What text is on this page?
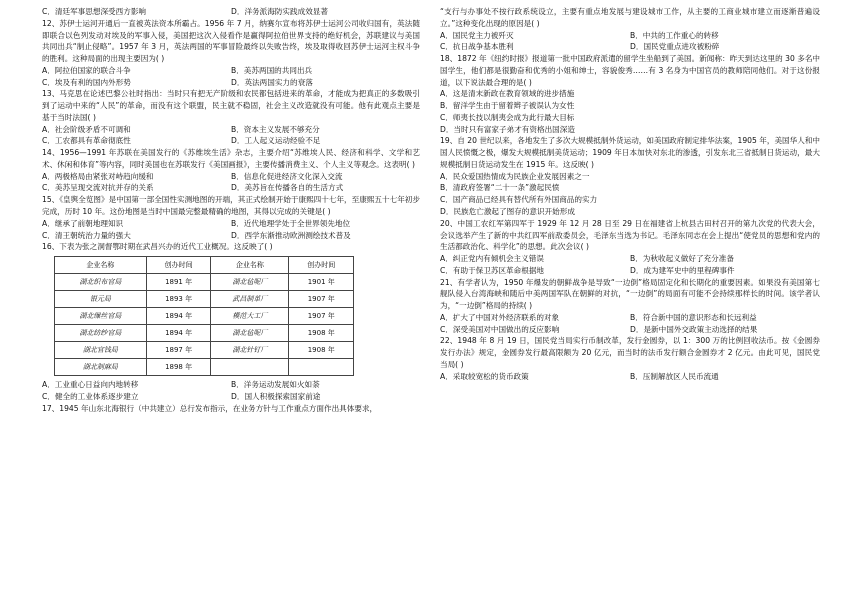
C．清廷军事思想深受西方影响	D．洋务派海防实践成效显著

12、苏伊士运河开通后一直被英法资本所霸占。1956 年 7 月，纳赛尔宣布将苏伊士运河公司收归国有，英法随即联合以色列发动对埃及的军事入侵，美国把这次入侵看作是赢得阿拉伯世界支持的绝好机会，苏联建议与美国共同出兵“制止侵略”。1957 年 3 月，英法两国的军事冒险最终以失败告终，埃及取得收回苏伊士运河主权斗争的胜利。这种局面的出现主要因为( )

A．阿拉伯国家的联合斗争	B．美苏两国的共同出兵
C．埃及有利的国内外形势	D．英法两国实力的衰落

13、马克思在论述巴黎公社时指出：当时只有把无产阶级和农民都包括进来的革命，才能成为把真正的多数吸引到了运动中来的“人民”的革命，而没有这个联盟，民主就不稳固，社会主义改造就没有可能。他有此观点主要是基于当时法国( )

A．社会阶级矛盾不可调和	B．资本主义发展不够充分
C．工农都具有革命彻底性	D．工人起义运动经验不足

14、1956—1991 年苏联在美国发行的《苏维埃生活》杂志，主要介绍“苏维埃人民、经济和科学、文学和艺术、休闲和体育”等内容，同时美国也在苏联发行《美国画报》，主要传播消费主义、个人主义等观念。这表明( )

A．两极格局由紧张对峙趋向缓和	B．信息化促进经济文化深入交流
C．美苏呈现交流对抗并存的关系	D．美苏旨在传播各自的生活方式

15、《皇舆全览图》是中国第一部全国性实测地图的开端，其正式绘制开始于康熙四十七年，至康熙五十七年初步完成，历时 10 年。这份地图是当时中国最完整最精确的地图，其得以完成的关键是( )

A．继承了前朝地理知识	B．近代地理学处于全世界领先地位
C．清王朝统治力量的强大	D．西学东渐推动欧洲测绘技术普及

16、下表为张之洞督鄂时期在武昌兴办的近代工业概况。这反映了( )

企业名称	创办时间	企业名称	创办时间
湖北织布官局	1891 年	湖北毡呢厂	1901 年
银元局	1893 年	武昌制革厂	1907 年
湖北缫丝官局	1894 年	模范大工厂	1907 年
湖北纺纱官局	1894 年	湖北毡呢厂	1908 年
湖北官钱局	1897 年	湖北针钉厂	1908 年
湖北制麻局	1898 年		
A．工业重心日益向内地转移	B．洋务运动发展如火如荼
C．健全的工业体系逐步建立	D．国人积极探索国家前途

17、1945 年山东北海银行（中共建立）总行发布指示，在业务方针与工作重点方面作出具体要求，

“支行与办事处不按行政系统设立，主要有重点地发展与建设城市工作，从主要的工商业城市建立而逐渐普遍设立。”这种变化出现的原因是( )

A．国民党主力被歼灭	B．中共的工作重心的转移
C．抗日战争基本胜利	D．国民党重点进攻被粉碎

18、1872 年《纽约时报》报道第一批中国政府派遣的留学生坐船到了美国。新闻称：昨天到达这里的 30 多名中国学生，他们都是很勤奋和优秀的小姐和绅士，容貌俊秀……有 3 名身为中国官员的教师陪同他们。对于这份报道，以下说法最合理的是( )

A．这是清末新政在教育领域的进步措施

B．留洋学生由于留着辫子被误认为女性

C．师夷长技以制夷会成为此行最大目标

D．当时只有富家子弟才有资格出国深造

19、自 20 世纪以来，各地发生了多次大规模抵制外货运动，如美国政府制定排华法案，1905 年，美国华人和中国人民愤慨之极，爆发大规模抵制美货运动；1909 年日本加快对东北的渗透，引发东北三省抵制日货运动，最大规模抵制日货运动发生在 1915 年。这反映( )

A．民众爱国热情成为民族企业发展因素之一

B．清政府签署“二十一条”激起民愤

C．国产商品已经具有替代所有外国商品的实力

D．民族危亡激起了图存的意识开始形成

20、中国工农红军第四军于 1929 年 12 月 28 日至 29 日在福建省上杭县古田村召开的第九次党的代表大会，会议选举产生了新的中共红四军前敌委员会，毛泽东当选为书记。毛泽东同志在会上提出“使党员的思想和党内的生活都政治化、科学化”的思想。此次会议( )

A．纠正党内有倾机会主义错误	B．为秋收起义做好了充分准备
C．有助于保卫苏区革命根据地	D．成为建军史中的里程碑事件

21、有学者认为，1950 年爆发的朝鲜战争是导致“一边倒”格局固定化和长期化的重要因素。如果没有美国第七舰队侵入台湾海峡和随后中美两国军队在朝鲜的对抗，“一边倒”的局面有可能不会持续那样长的时间。该学者认为，“一边倒”格局的持续( )

A．扩大了中国对外经济联系的对象	B．符合新中国的意识形态和长远利益
C．深受美国对中国做出的反应影响	D．是新中国外交政策主动选择的结果

22、1948 年 8 月 19 日，国民党当局实行币制改革，发行金圆券，以 1：300 万的比例回收法币。按《金圆券发行办法》规定，金圆券发行最高限额为 20 亿元，而当时的法币发行额合金圆券才 2 亿元。由此可见，国民党当局( )

A．采取较宽松的货币政策	B．压制解放区人民币流通
